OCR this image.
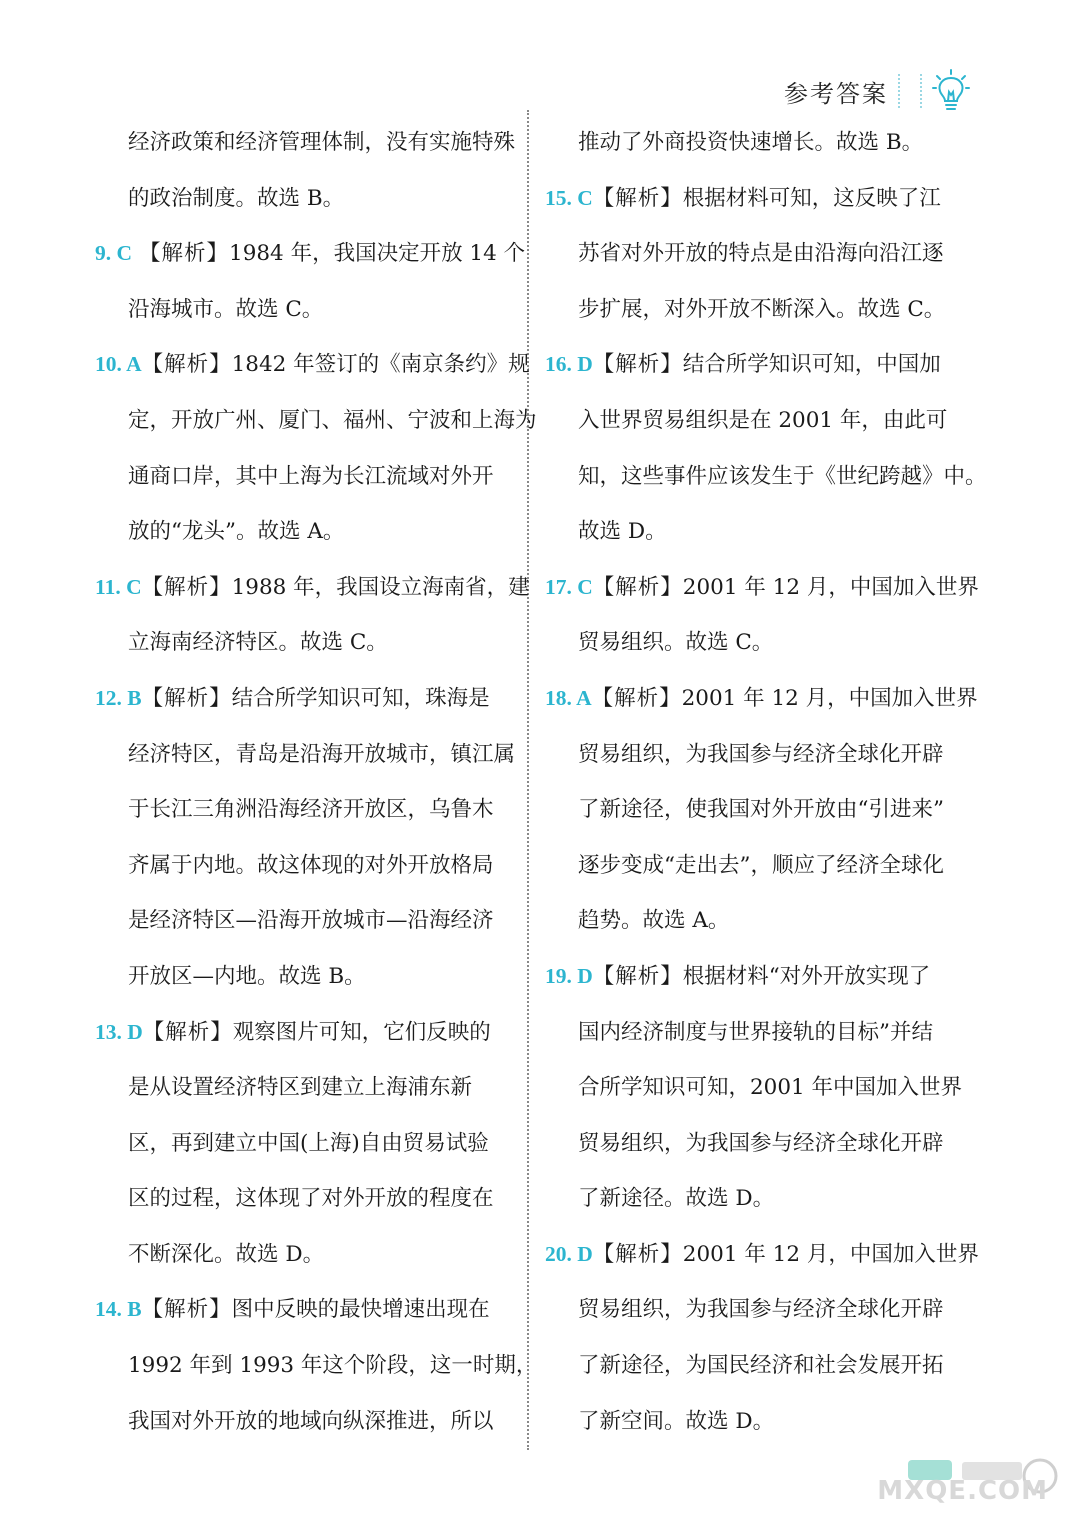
参考答案
经济政策和经济管理体制，没有实施特殊
的政治制度。故选 B。
9. C 【解析】1984 年，我国决定开放 14 个
沿海城市。故选 C。
10. A【解析】1842 年签订的《南京条约》规
定，开放广州、厦门、福州、宁波和上海为
通商口岸，其中上海为长江流域对外开
放的“龙头”。故选 A。
11. C【解析】1988 年，我国设立海南省，建
立海南经济特区。故选 C。
12. B【解析】结合所学知识可知，珠海是
经济特区，青岛是沿海开放城市，镇江属
于长江三角洲沿海经济开放区，乌鲁木
齐属于内地。故这体现的对外开放格局
是经济特区—沿海开放城市—沿海经济
开放区—内地。故选 B。
13. D【解析】观察图片可知，它们反映的
是从设置经济特区到建立上海浦东新
区，再到建立中国(上海)自由贸易试验
区的过程，这体现了对外开放的程度在
不断深化。故选 D。
14. B【解析】图中反映的最快增速出现在
1992 年到 1993 年这个阶段，这一时期，
我国对外开放的地域向纵深推进，所以
推动了外商投资快速增长。故选 B。
15. C【解析】根据材料可知，这反映了江
苏省对外开放的特点是由沿海向沿江逐
步扩展，对外开放不断深入。故选 C。
16. D【解析】结合所学知识可知，中国加
入世界贸易组织是在 2001 年，由此可
知，这些事件应该发生于《世纪跨越》中。
故选 D。
17. C【解析】2001 年 12 月，中国加入世界
贸易组织。故选 C。
18. A【解析】2001 年 12 月，中国加入世界
贸易组织，为我国参与经济全球化开辟
了新途径，使我国对外开放由“引进来”
逐步变成“走出去”，顺应了经济全球化
趋势。故选 A。
19. D【解析】根据材料“对外开放实现了
国内经济制度与世界接轨的目标”并结
合所学知识可知，2001 年中国加入世界
贸易组织，为我国参与经济全球化开辟
了新途径。故选 D。
20. D【解析】2001 年 12 月，中国加入世界
贸易组织，为我国参与经济全球化开辟
了新途径，为国民经济和社会发展开拓
了新空间。故选 D。
MXQE.COM
